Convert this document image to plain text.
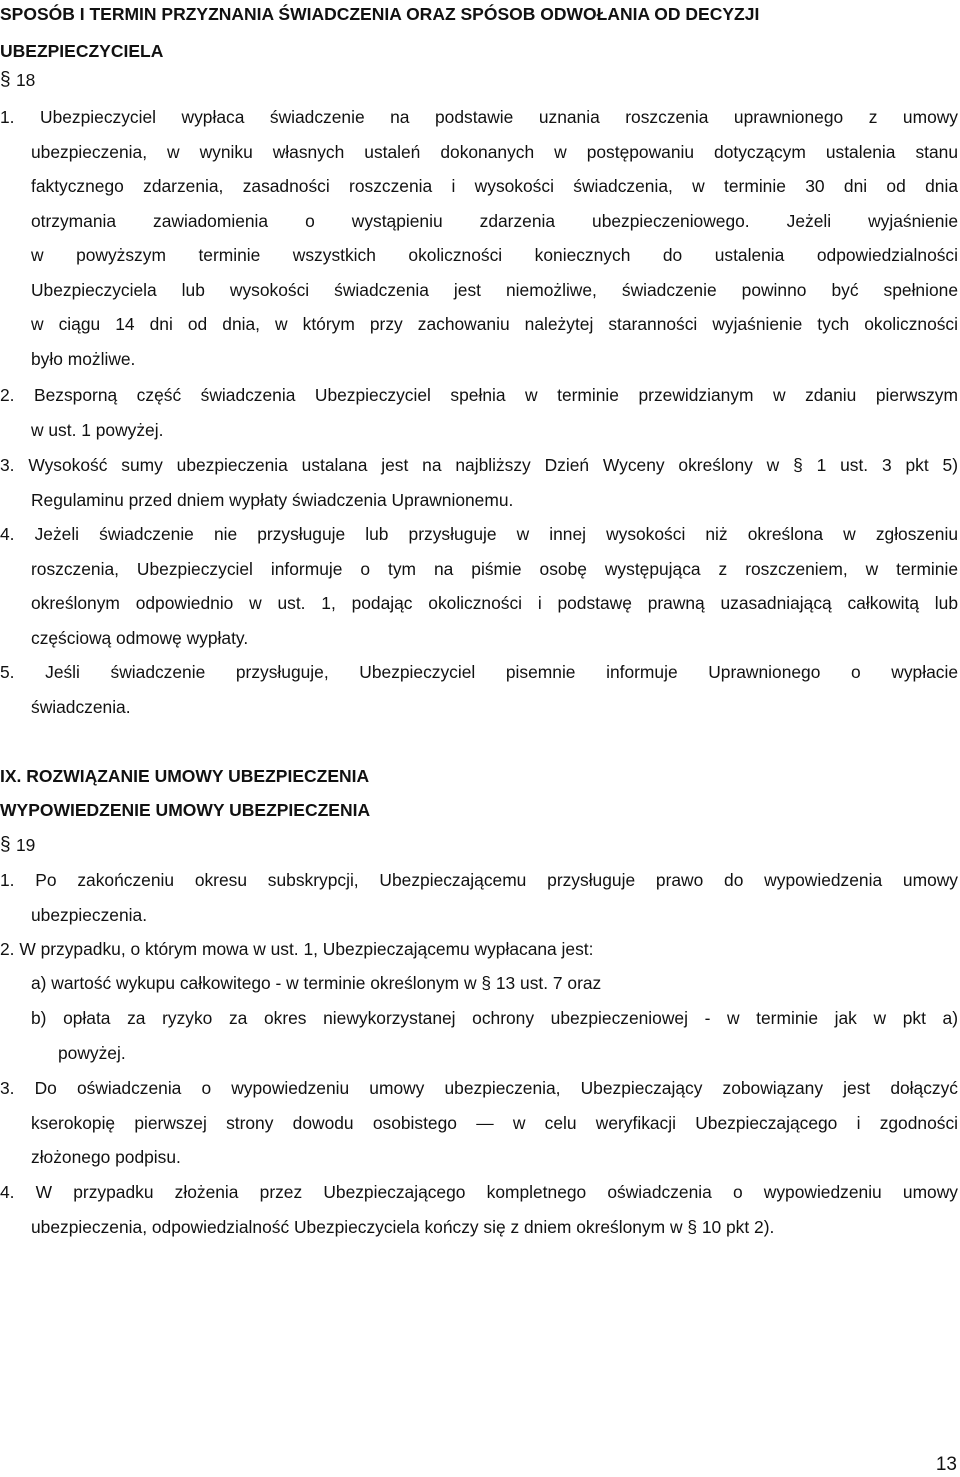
SPOSÓB I TERMIN PRZYZNANIA ŚWIADCZENIA ORAZ SPÓSOB ODWOŁANIA OD DECYZJI
UBEZPIECZYCIELA
§ 18
1. Ubezpieczyciel wypłaca świadczenie na podstawie uznania roszczenia uprawnionego z umowy
ubezpieczenia, w wyniku własnych ustaleń dokonanych w postępowaniu dotyczącym ustalenia stanu
faktycznego zdarzenia, zasadności roszczenia i wysokości świadczenia, w terminie 30 dni od dnia
otrzymania zawiadomienia o wystąpieniu zdarzenia ubezpieczeniowego. Jeżeli wyjaśnienie
w powyższym terminie wszystkich okoliczności koniecznych do ustalenia odpowiedzialności
Ubezpieczyciela lub wysokości świadczenia jest niemożliwe, świadczenie powinno być spełnione
w ciągu 14 dni od dnia, w którym przy zachowaniu należytej staranności wyjaśnienie tych okoliczności
było możliwe.
2. Bezsporną część świadczenia Ubezpieczyciel spełnia w terminie przewidzianym w zdaniu pierwszym
w ust. 1 powyżej.
3. Wysokość sumy ubezpieczenia ustalana jest na najbliższy Dzień Wyceny określony w § 1 ust. 3 pkt 5)
Regulaminu przed dniem wypłaty świadczenia Uprawnionemu.
4. Jeżeli świadczenie nie przysługuje lub przysługuje w innej wysokości niż określona w zgłoszeniu
roszczenia, Ubezpieczyciel informuje o tym na piśmie osobę występująca z roszczeniem, w terminie
określonym odpowiednio w ust. 1, podając okoliczności i podstawę prawną uzasadniającą całkowitą lub
częściową odmowę wypłaty.
5. Jeśli świadczenie przysługuje, Ubezpieczyciel pisemnie informuje Uprawnionego o wypłacie
świadczenia.
IX. ROZWIĄZANIE UMOWY UBEZPIECZENIA
WYPOWIEDZENIE UMOWY UBEZPIECZENIA
§ 19
1. Po zakończeniu okresu subskrypcji, Ubezpieczającemu przysługuje prawo do wypowiedzenia umowy
ubezpieczenia.
2. W przypadku, o którym mowa w ust. 1, Ubezpieczającemu wypłacana jest:
a) wartość wykupu całkowitego - w terminie określonym w § 13 ust. 7 oraz
b) opłata za ryzyko za okres niewykorzystanej ochrony ubezpieczeniowej - w terminie jak w pkt a)
powyżej.
3. Do oświadczenia o wypowiedzeniu umowy ubezpieczenia, Ubezpieczający zobowiązany jest dołączyć
kserokopię pierwszej strony dowodu osobistego — w celu weryfikacji Ubezpieczającego i zgodności
złożonego podpisu.
4. W przypadku złożenia przez Ubezpieczającego kompletnego oświadczenia o wypowiedzeniu umowy
ubezpieczenia, odpowiedzialność Ubezpieczyciela kończy się z dniem określonym w § 10 pkt 2).
13
